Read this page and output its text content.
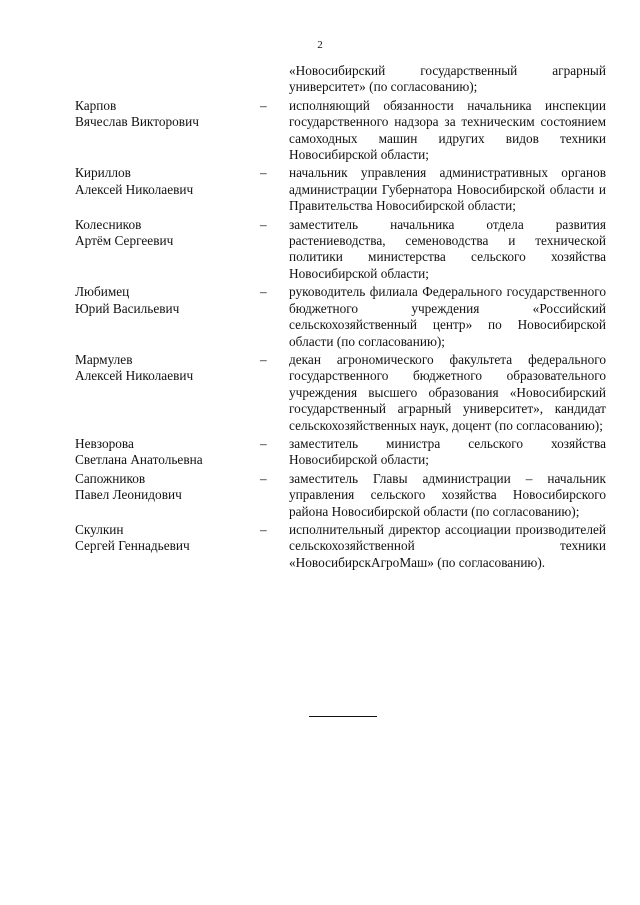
2
«Новосибирский государственный аграрный университет» (по согласованию);
Карпов
Вячеслав Викторович
–	исполняющий обязанности начальника инспекции государственного надзора за техническим состоянием самоходных машин идругих видов техники Новосибирской области;
Кириллов
Алексей Николаевич
–	начальник управления административных органов администрации Губернатора Новосибирской области и Правительства Новосибирской области;
Колесников
Артём Сергеевич
–	заместитель начальника отдела развития растениеводства, семеноводства и технической политики министерства сельского хозяйства Новосибирской области;
Любимец
Юрий Васильевич
–	руководитель филиала Федерального государственного бюджетного учреждения «Российский сельскохозяйственный центр» по Новосибирской области (по согласованию);
Мармулев
Алексей Николаевич
–	декан агрономического факультета федерального государственного бюджетного образовательного учреждения высшего образования «Новосибирский государственный аграрный университет», кандидат сельскохозяйственных наук, доцент (по согласованию);
Невзорова
Светлана Анатольевна
–	заместитель министра сельского хозяйства Новосибирской области;
Сапожников
Павел Леонидович
–	заместитель Главы администрации – начальник управления сельского хозяйства Новосибирского района Новосибирской области (по согласованию);
Скулкин
Сергей Геннадьевич
–	исполнительный директор ассоциации производителей сельскохозяйственной техники «НовосибирскАгроМаш» (по согласованию).
